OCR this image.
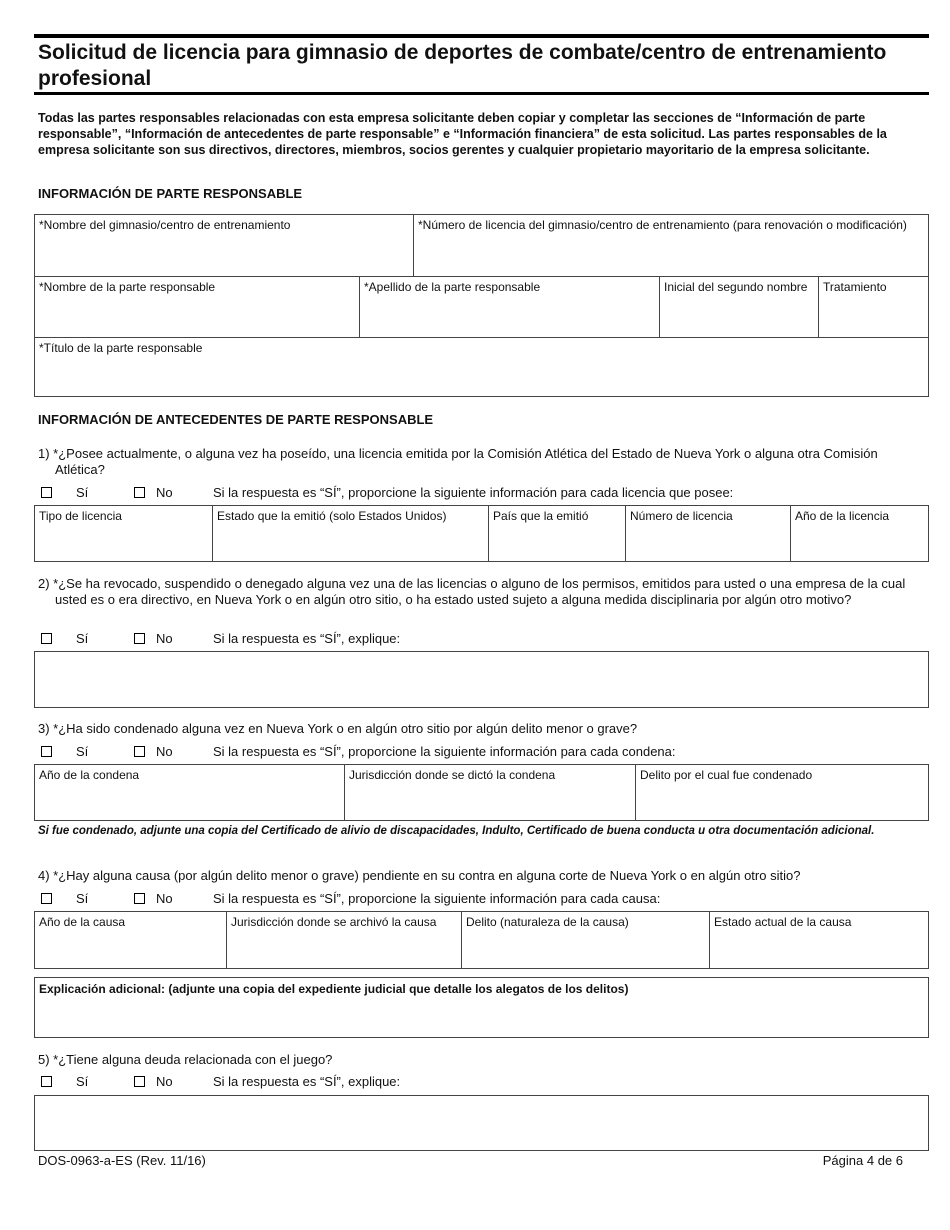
Solicitud de licencia para gimnasio de deportes de combate/centro de entrenamiento profesional
Todas las partes responsables relacionadas con esta empresa solicitante deben copiar y completar las secciones de “Información de parte responsable”, “Información de antecedentes de parte responsable” e “Información financiera” de esta solicitud. Las partes responsables de la empresa solicitante son sus directivos, directores, miembros, socios gerentes y cualquier propietario mayoritario de la empresa solicitante.
INFORMACIÓN DE PARTE RESPONSABLE
*Nombre del gimnasio/centro de entrenamiento	*Número de licencia del gimnasio/centro de entrenamiento (para renovación o modificación)
*Nombre de la parte responsable	*Apellido de la parte responsable	Inicial del segundo nombre	Tratamiento
*Título de la parte responsable
INFORMACIÓN DE ANTECEDENTES DE PARTE RESPONSABLE
1) *¿Posee actualmente, o alguna vez ha poseído, una licencia emitida por la Comisión Atlética del Estado de Nueva York o alguna otra Comisión Atlética?
Sí	No	Si la respuesta es “SÍ”, proporcione la siguiente información para cada licencia que posee:
Tipo de licencia	Estado que la emitió (solo Estados Unidos)	País que la emitió	Número de licencia	Año de la licencia
2) *¿Se ha revocado, suspendido o denegado alguna vez una de las licencias o alguno de los permisos, emitidos para usted o una empresa de la cual usted es o era directivo, en Nueva York o en algún otro sitio, o ha estado usted sujeto a alguna medida disciplinaria por algún otro motivo?
Sí	No	Si la respuesta es “SÍ”, explique:
3) *¿Ha sido condenado alguna vez en Nueva York o en algún otro sitio por algún delito menor o grave?
Sí	No	Si la respuesta es “SÍ”, proporcione la siguiente información para cada condena:
Año de la condena	Jurisdicción donde se dictó la condena	Delito por el cual fue condenado
Si fue condenado, adjunte una copia del Certificado de alivio de discapacidades, Indulto, Certificado de buena conducta u otra documentación adicional.
4) *¿Hay alguna causa (por algún delito menor o grave) pendiente en su contra en alguna corte de Nueva York o en algún otro sitio?
Sí	No	Si la respuesta es “SÍ”, proporcione la siguiente información para cada causa:
Año de la causa	Jurisdicción donde se archivó la causa	Delito (naturaleza de la causa)	Estado actual de la causa
Explicación adicional: (adjunte una copia del expediente judicial que detalle los alegatos de los delitos)
5) *¿Tiene alguna deuda relacionada con el juego?
Sí	No	Si la respuesta es “SÍ”, explique:
DOS-0963-a-ES (Rev. 11/16)	Página 4 de 6
